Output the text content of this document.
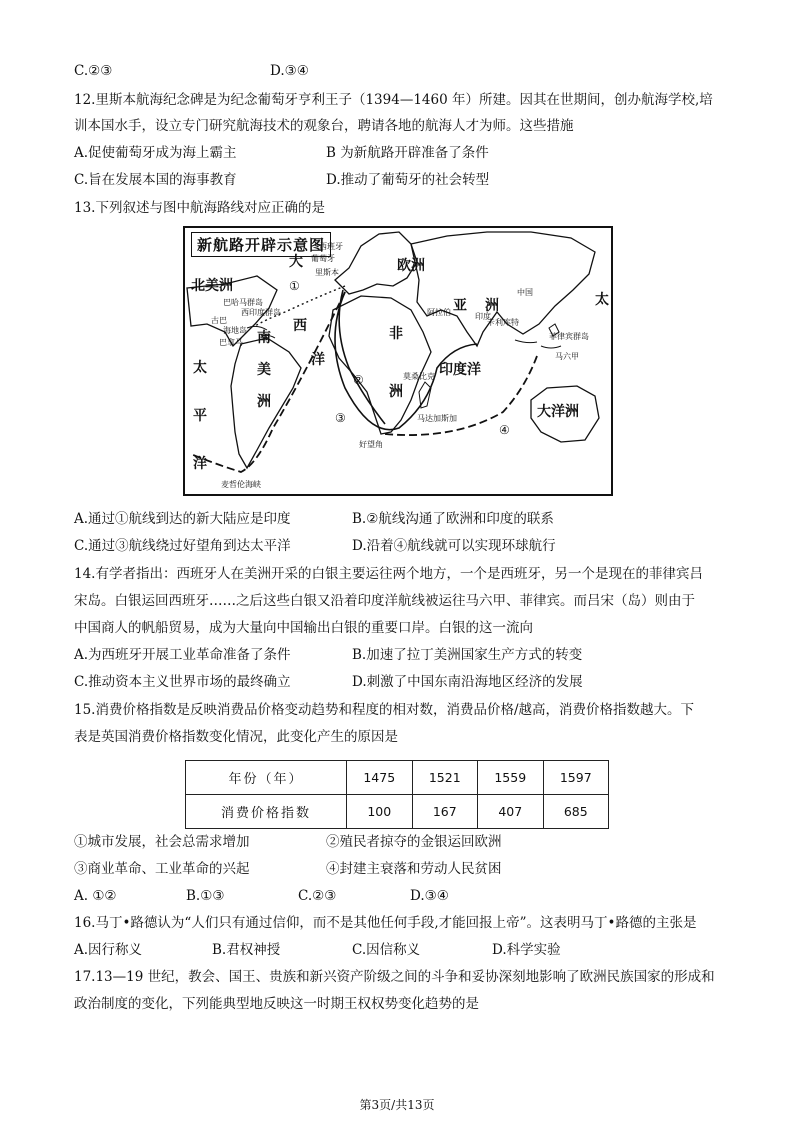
C.②③	D.③④
12.里斯本航海纪念碑是为纪念葡萄牙亨利王子（1394—1460 年）所建。因其在世期间，创办航海学校,培
训本国水手，设立专门研究航海技术的观象台，聘请各地的航海人才为师。这些措施
A.促使葡萄牙成为海上霸主	B 为新航路开辟准备了条件
C.旨在发展本国的海事教育	D.推动了葡萄牙的社会转型
13.下列叙述与图中航海路线对应正确的是
新航路开辟示意图
北美洲
大
西
洋
欧洲
亚 洲
非
洲
南
美
洲
太
平
洋
太
印度洋
大洋洲
中国
菲律宾群岛
马六甲
西班牙
葡萄牙
里斯本
巴哈马群岛
西印度群岛
古巴
海地岛
巴拿马
卡利库特
阿拉伯	印度
莫桑比克
马达加斯加
好望角
麦哲伦海峡
①
②
③
④
A.通过①航线到达的新大陆应是印度	B.②航线沟通了欧洲和印度的联系
C.通过③航线绕过好望角到达太平洋	D.沿着④航线就可以实现环球航行
14.有学者指出：西班牙人在美洲开采的白银主要运往两个地方，一个是西班牙，另一个是现在的菲律宾吕
宋岛。白银运回西班牙……之后这些白银又沿着印度洋航线被运往马六甲、菲律宾。而吕宋（岛）则由于
中国商人的帆船贸易，成为大量向中国输出白银的重要口岸。白银的这一流向
A.为西班牙开展工业革命准备了条件	B.加速了拉丁美洲国家生产方式的转变
C.推动资本主义世界市场的最终确立	D.刺激了中国东南沿海地区经济的发展
15.消费价格指数是反映消费品价格变动趋势和程度的相对数，消费品价格/越高，消费价格指数越大。下
表是英国消费价格指数变化情况，此变化产生的原因是
年份（年）	1475	1521	1559	1597
消费价格指数	100	167	407	685
①城市发展，社会总需求增加	②殖民者掠夺的金银运回欧洲
③商业革命、工业革命的兴起	④封建主衰落和劳动人民贫困
A. ①②	B.①③	C.②③	D.③④
16.马丁•路德认为“人们只有通过信仰，而不是其他任何手段,才能回报上帝”。这表明马丁•路德的主张是
A.因行称义	B.君权神授	C.因信称义	D.科学实验
17.13—19 世纪，教会、国王、贵族和新兴资产阶级之间的斗争和妥协深刻地影响了欧洲民族国家的形成和
政治制度的变化，下列能典型地反映这一时期王权权势变化趋势的是
第3页/共13页
